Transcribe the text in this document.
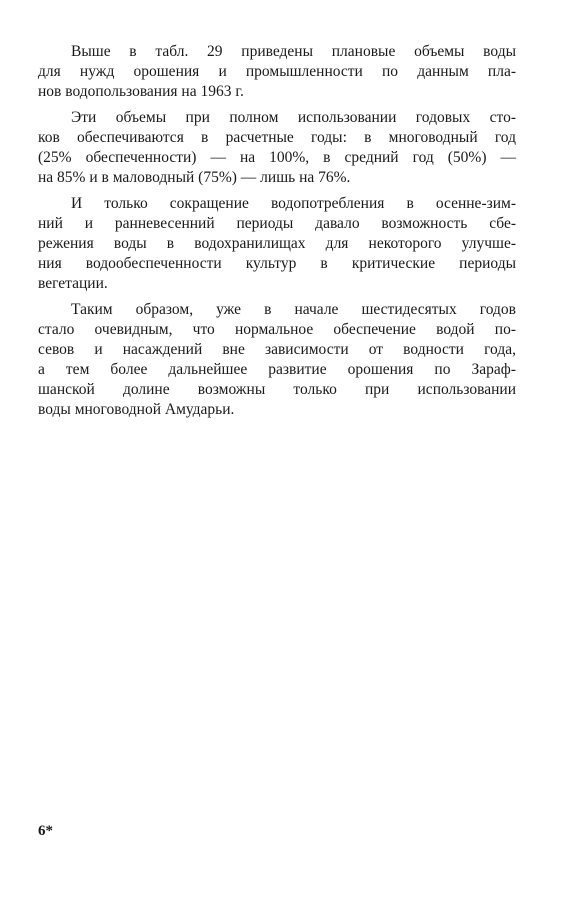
Выше в табл. 29 приведены плановые объемы воды
для нужд орошения и промышленности по данным пла-
нов водопользования на 1963 г.

Эти объемы при полном использовании годовых сто-
ков обеспечиваются в расчетные годы: в многоводный год
(25% обеспеченности) — на 100%, в средний год (50%) —
на 85% и в маловодный (75%) — лишь на 76%.

И только сокращение водопотребления в осенне-зим-
ний и ранневесенний периоды давало возможность сбе-
режения воды в водохранилищах для некоторого улучше-
ния водообеспеченности культур в критические периоды
вегетации.

Таким образом, уже в начале шестидесятых годов
стало очевидным, что нормальное обеспечение водой по-
севов и насаждений вне зависимости от водности года,
а тем более дальнейшее развитие орошения по Зараф-
шанской долине возможны только при использовании
воды многоводной Амударьи.

6*
